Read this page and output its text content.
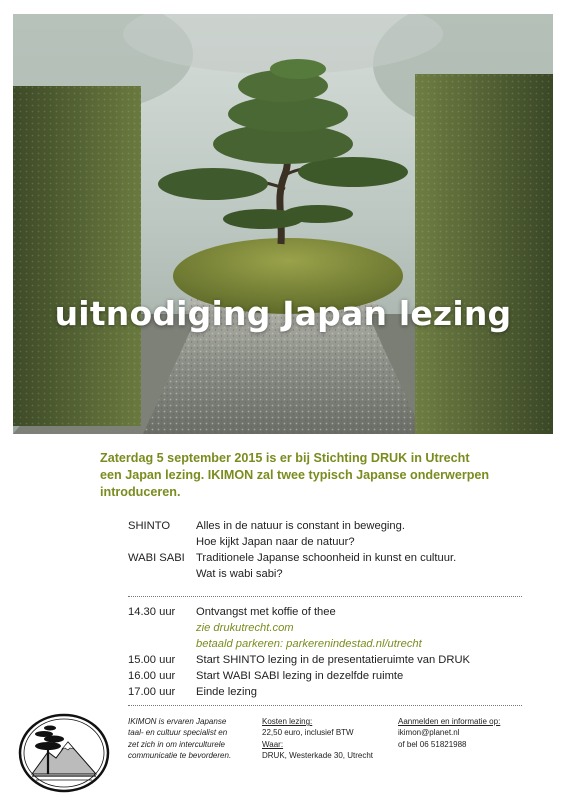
uitnodiging Japan lezing
Zaterdag 5 september 2015 is er bij Stichting DRUK in Utrecht
een Japan lezing. IKIMON zal twee typisch Japanse onderwerpen
introduceren.
SHINTO	Alles in de natuur is constant in beweging.
Hoe kijkt Japan naar de natuur?
WABI SABI	Traditionele Japanse schoonheid in kunst en cultuur.
Wat is wabi sabi?
14.30 uur	Ontvangst met koffie of thee
zie drukutrecht.com
betaald parkeren: parkerenindestad.nl/utrecht
15.00 uur	Start SHINTO lezing in de presentatieruimte van DRUK
16.00 uur	Start WABI SABI lezing in dezelfde ruimte
17.00 uur	Einde lezing
IKIMON is ervaren Japanse
taal- en cultuur specialist en
zet zich in om interculturele
communicatie te bevorderen.
Kosten lezing:
22,50 euro, inclusief BTW
Waar:
DRUK, Westerkade 30, Utrecht
Aanmelden en informatie op:
ikimon@planet.nl
of bel 06 51821988
